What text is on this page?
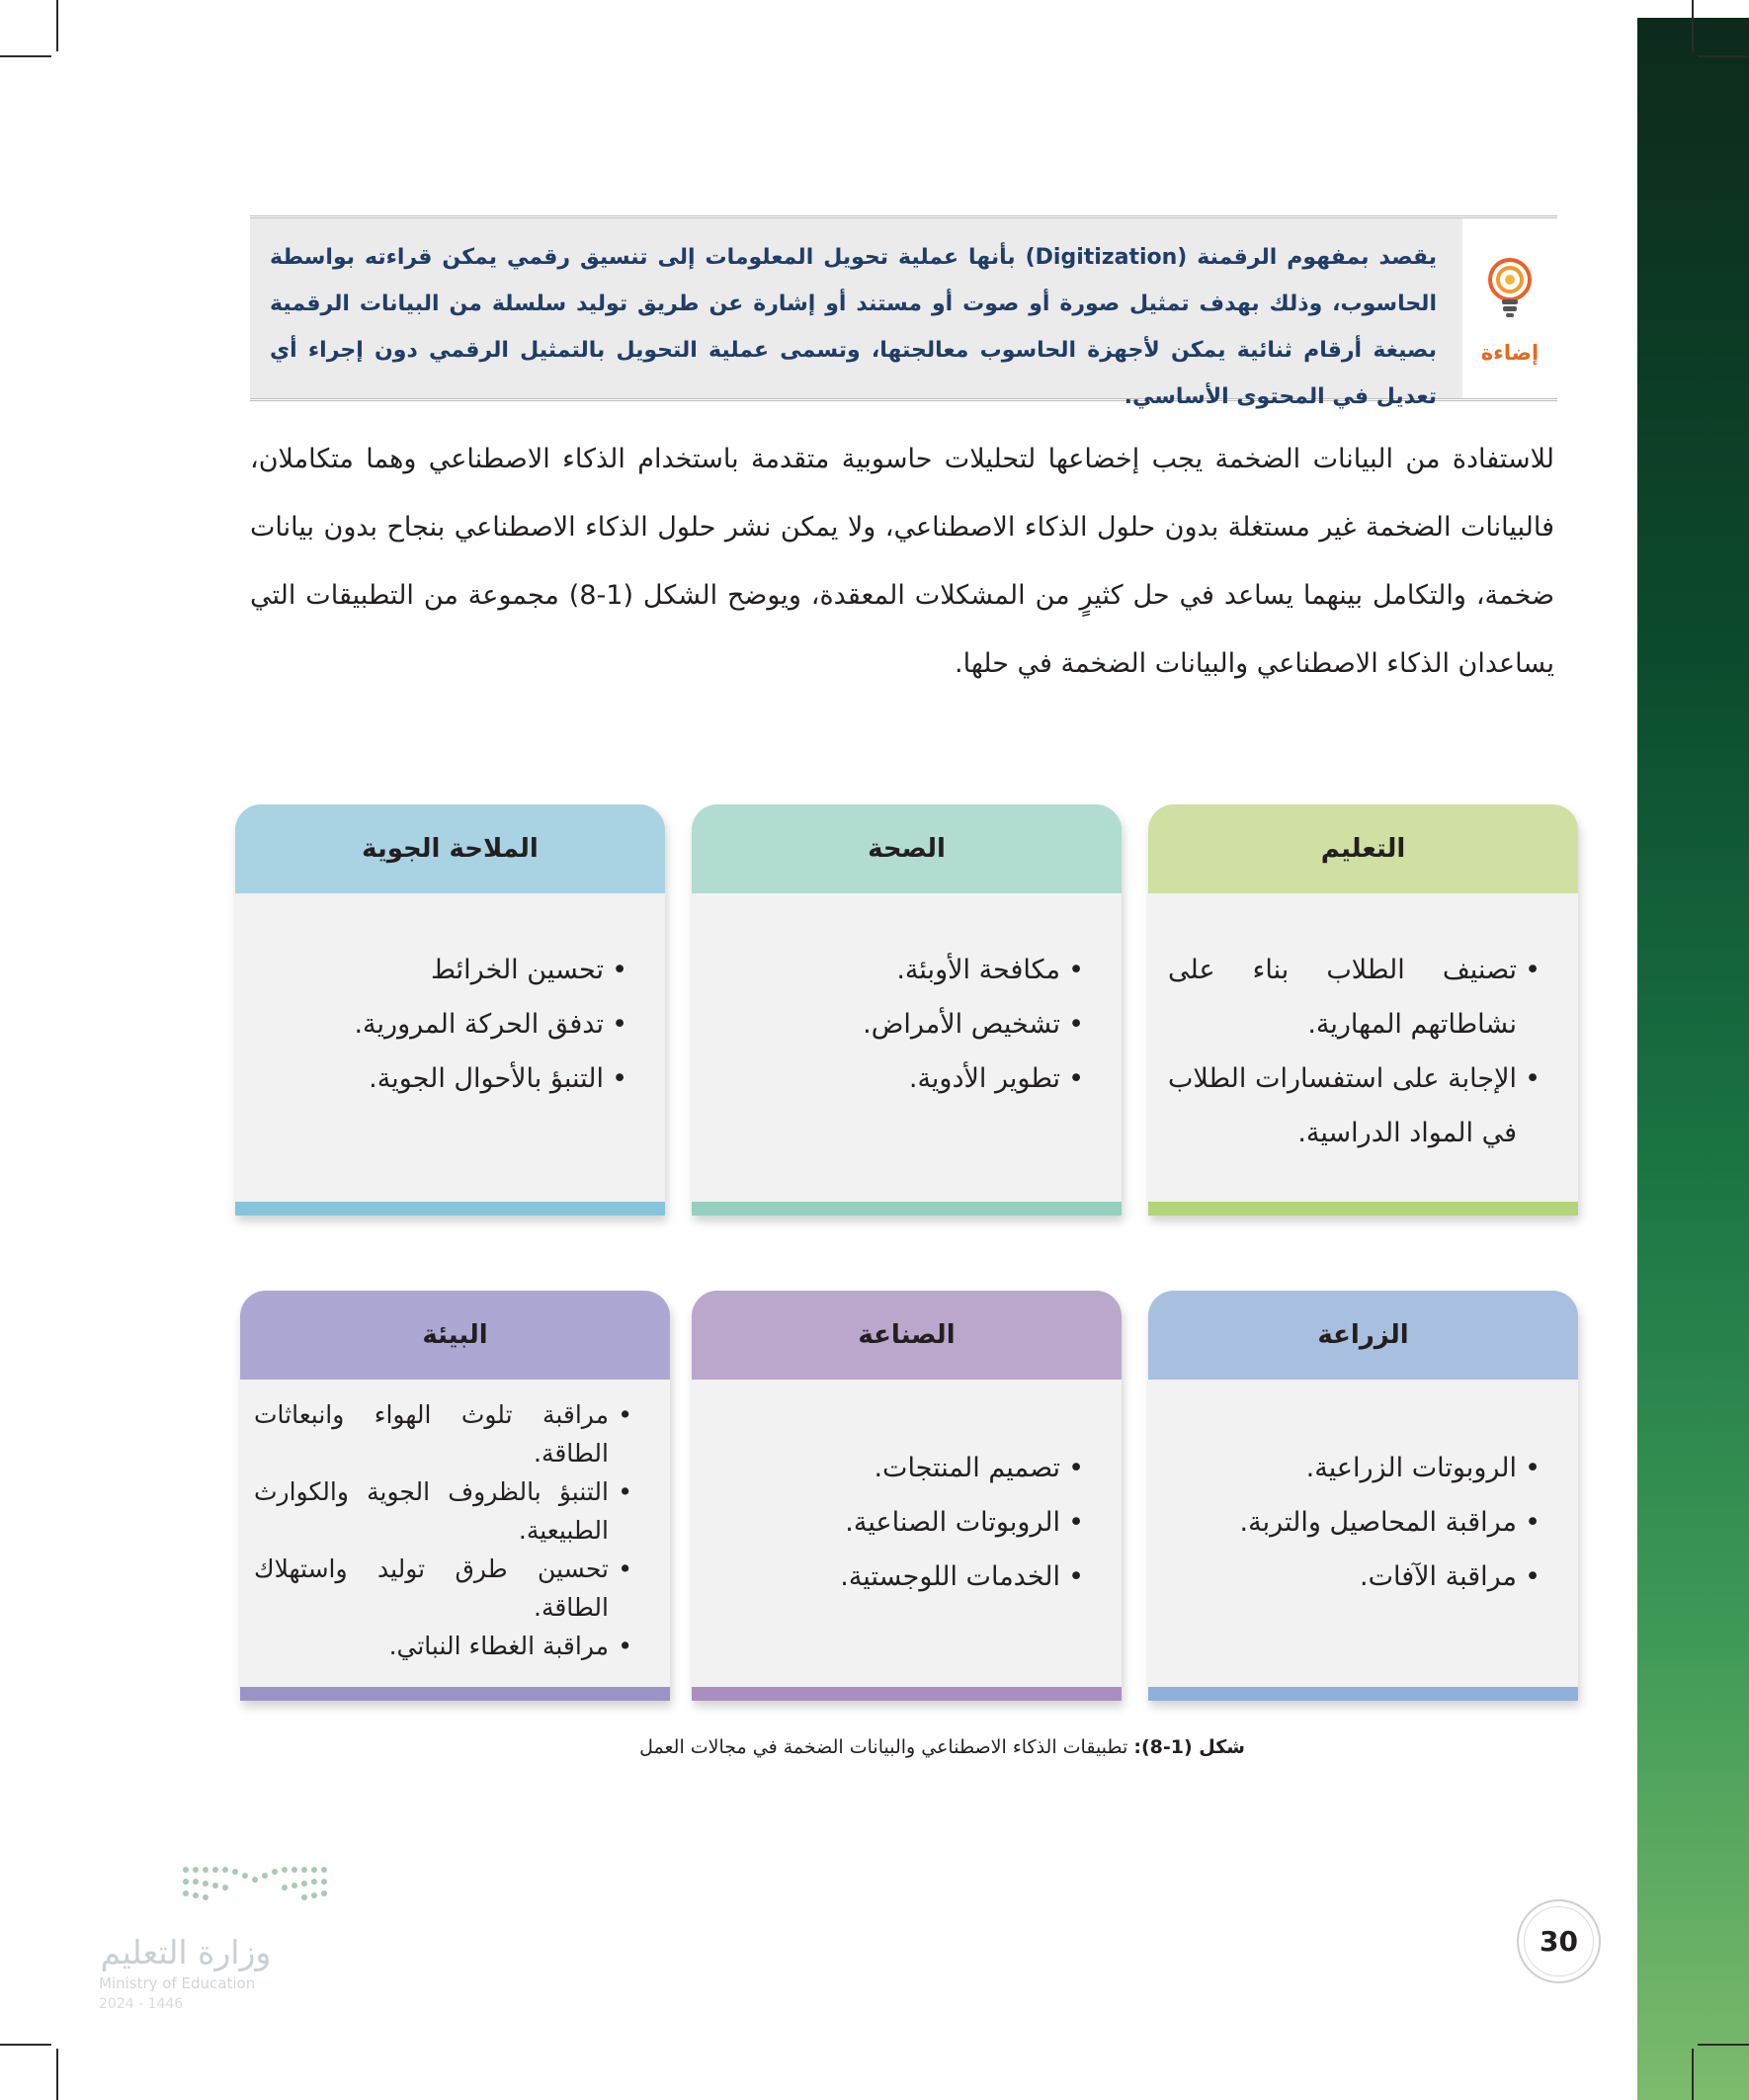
يقصد بمفهوم الرقمنة (Digitization) بأنها عملية تحويل المعلومات إلى تنسيق رقمي يمكن قراءته بواسطة الحاسوب، وذلك بهدف تمثيل صورة أو صوت أو مستند أو إشارة عن طريق توليد سلسلة من البيانات الرقمية بصيغة أرقام ثنائية يمكن لأجهزة الحاسوب معالجتها، وتسمى عملية التحويل بالتمثيل الرقمي دون إجراء أي تعديل في المحتوى الأساسي.
إضاءة
للاستفادة من البيانات الضخمة يجب إخضاعها لتحليلات حاسوبية متقدمة باستخدام الذكاء الاصطناعي وهما متكاملان، فالبيانات الضخمة غير مستغلة بدون حلول الذكاء الاصطناعي، ولا يمكن نشر حلول الذكاء الاصطناعي بنجاح بدون بيانات ضخمة، والتكامل بينهما يساعد في حل كثيرٍ من المشكلات المعقدة، ويوضح الشكل (1-8) مجموعة من التطبيقات التي يساعدان الذكاء الاصطناعي والبيانات الضخمة في حلها.
التعليم
• تصنيف الطلاب بناء على نشاطاتهم المهارية.
• الإجابة على استفسارات الطلاب في المواد الدراسية.
الصحة
• مكافحة الأوبئة.
• تشخيص الأمراض.
• تطوير الأدوية.
الملاحة الجوية
• تحسين الخرائط
• تدفق الحركة المرورية.
• التنبؤ بالأحوال الجوية.
الزراعة
• الروبوتات الزراعية.
• مراقبة المحاصيل والتربة.
• مراقبة الآفات.
الصناعة
• تصميم المنتجات.
• الروبوتات الصناعية.
• الخدمات اللوجستية.
البيئة
• مراقبة تلوث الهواء وانبعاثات الطاقة.
• التنبؤ بالظروف الجوية والكوارث الطبيعية.
• تحسين طرق توليد واستهلاك الطاقة.
• مراقبة الغطاء النباتي.
شكل (1-8): تطبيقات الذكاء الاصطناعي والبيانات الضخمة في مجالات العمل
وزارة التعليم
Ministry of Education
2024 - 1446
30
